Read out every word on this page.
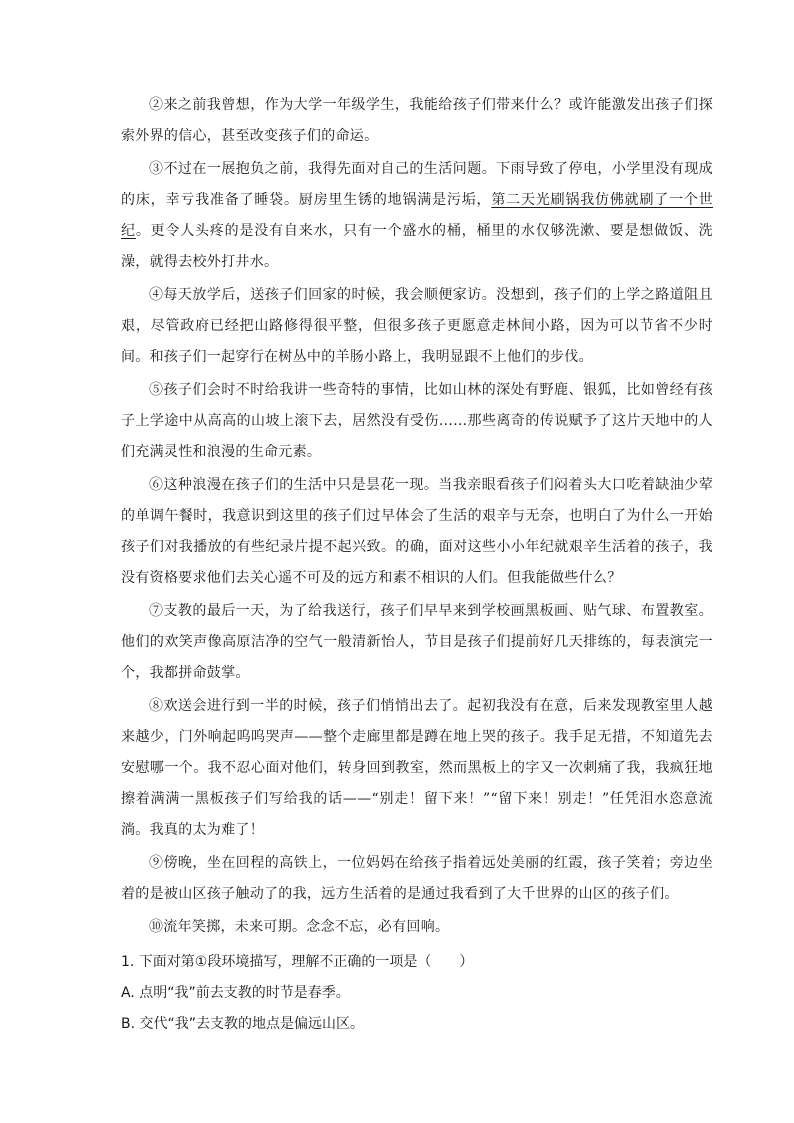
②来之前我曾想，作为大学一年级学生，我能给孩子们带来什么？或许能激发出孩子们探索外界的信心，甚至改变孩子们的命运。

③不过在一展抱负之前，我得先面对自己的生活问题。下雨导致了停电，小学里没有现成的床，幸亏我准备了睡袋。厨房里生锈的地锅满是污垢，第二天光刷锅我仿佛就刷了一个世纪。更令人头疼的是没有自来水，只有一个盛水的桶，桶里的水仅够洗漱、要是想做饭、洗澡，就得去校外打井水。

④每天放学后，送孩子们回家的时候，我会顺便家访。没想到，孩子们的上学之路道阻且艰，尽管政府已经把山路修得很平整，但很多孩子更愿意走林间小路，因为可以节省不少时间。和孩子们一起穿行在树丛中的羊肠小路上，我明显跟不上他们的步伐。

⑤孩子们会时不时给我讲一些奇特的事情，比如山林的深处有野鹿、银狐，比如曾经有孩子上学途中从高高的山坡上滚下去，居然没有受伤……那些离奇的传说赋予了这片天地中的人们充满灵性和浪漫的生命元素。

⑥这种浪漫在孩子们的生活中只是昙花一现。当我亲眼看孩子们闷着头大口吃着缺油少荤的单调午餐时，我意识到这里的孩子们过早体会了生活的艰辛与无奈，也明白了为什么一开始孩子们对我播放的有些纪录片提不起兴致。的确，面对这些小小年纪就艰辛生活着的孩子，我没有资格要求他们去关心遥不可及的远方和素不相识的人们。但我能做些什么？

⑦支教的最后一天，为了给我送行，孩子们早早来到学校画黑板画、贴气球、布置教室。他们的欢笑声像高原洁净的空气一般清新怡人，节目是孩子们提前好几天排练的，每表演完一个，我都拼命鼓掌。

⑧欢送会进行到一半的时候，孩子们悄悄出去了。起初我没有在意，后来发现教室里人越来越少，门外响起呜呜哭声——整个走廊里都是蹲在地上哭的孩子。我手足无措，不知道先去安慰哪一个。我不忍心面对他们，转身回到教室，然而黑板上的字又一次刺痛了我，我疯狂地擦着满满一黑板孩子们写给我的话——“别走！留下来！”“留下来！别走！”任凭泪水恣意流淌。我真的太为难了！

⑨傍晚，坐在回程的高铁上，一位妈妈在给孩子指着远处美丽的红霞，孩子笑着；旁边坐着的是被山区孩子触动了的我，远方生活着的是通过我看到了大千世界的山区的孩子们。

⑩流年笑掷，未来可期。念念不忘，必有回响。

1. 下面对第①段环境描写，理解不正确的一项是（　　）

A. 点明“我”前去支教的时节是春季。

B. 交代“我”去支教的地点是偏远山区。
